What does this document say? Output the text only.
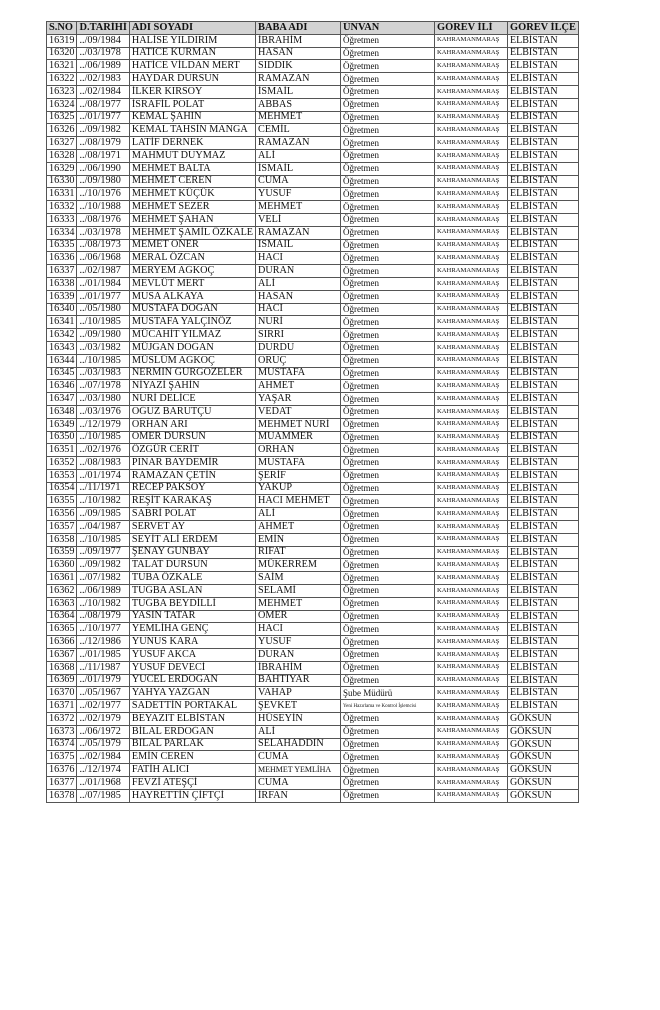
S.NO	D.TARİHİ	ADI SOYADI	BABA ADI	ÜNVAN	GÖREV İLİ	GÖREV İLÇE
16319	../09/1984	HALİSE YILDIRIM	İBRAHİM	Öğretmen	KAHRAMANMARAŞ	ELBİSTAN
16320	../03/1978	HATİCE KURMAN	HASAN	Öğretmen	KAHRAMANMARAŞ	ELBİSTAN
16321	../06/1989	HATİCE VİLDAN MERT	SIDDIK	Öğretmen	KAHRAMANMARAŞ	ELBİSTAN
16322	../02/1983	HAYDAR DURSUN	RAMAZAN	Öğretmen	KAHRAMANMARAŞ	ELBİSTAN
16323	../02/1984	İLKER KIRSOY	İSMAİL	Öğretmen	KAHRAMANMARAŞ	ELBİSTAN
16324	../08/1977	İSRAFİL POLAT	ABBAS	Öğretmen	KAHRAMANMARAŞ	ELBİSTAN
16325	../01/1977	KEMAL ŞAHİN	MEHMET	Öğretmen	KAHRAMANMARAŞ	ELBİSTAN
16326	../09/1982	KEMAL TAHSİN MANGA	CEMİL	Öğretmen	KAHRAMANMARAŞ	ELBİSTAN
16327	../08/1979	LATİF DERNEK	RAMAZAN	Öğretmen	KAHRAMANMARAŞ	ELBİSTAN
16328	../08/1971	MAHMUT DUYMAZ	ALİ	Öğretmen	KAHRAMANMARAŞ	ELBİSTAN
16329	../06/1990	MEHMET BALTA	İSMAİL	Öğretmen	KAHRAMANMARAŞ	ELBİSTAN
16330	../09/1980	MEHMET CEREN	CUMA	Öğretmen	KAHRAMANMARAŞ	ELBİSTAN
16331	../10/1976	MEHMET KÜÇÜK	YUSUF	Öğretmen	KAHRAMANMARAŞ	ELBİSTAN
16332	../10/1988	MEHMET SEZER	MEHMET	Öğretmen	KAHRAMANMARAŞ	ELBİSTAN
16333	../08/1976	MEHMET ŞAHAN	VELİ	Öğretmen	KAHRAMANMARAŞ	ELBİSTAN
16334	../03/1978	MEHMET ŞAMİL ÖZKALE	RAMAZAN	Öğretmen	KAHRAMANMARAŞ	ELBİSTAN
16335	../08/1973	MEMET ÖNER	İSMAİL	Öğretmen	KAHRAMANMARAŞ	ELBİSTAN
16336	../06/1968	MERAL ÖZCAN	HACI	Öğretmen	KAHRAMANMARAŞ	ELBİSTAN
16337	../02/1987	MERYEM AĞKOÇ	DURAN	Öğretmen	KAHRAMANMARAŞ	ELBİSTAN
16338	../01/1984	MEVLÜT MERT	ALİ	Öğretmen	KAHRAMANMARAŞ	ELBİSTAN
16339	../01/1977	MUSA ALKAYA	HASAN	Öğretmen	KAHRAMANMARAŞ	ELBİSTAN
16340	../05/1980	MUSTAFA DOĞAN	HACI	Öğretmen	KAHRAMANMARAŞ	ELBİSTAN
16341	../10/1985	MUSTAFA YALÇINÖZ	NURİ	Öğretmen	KAHRAMANMARAŞ	ELBİSTAN
16342	../09/1980	MÜCAHİT YILMAZ	SIRRI	Öğretmen	KAHRAMANMARAŞ	ELBİSTAN
16343	../03/1982	MÜJGAN DOĞAN	DURDU	Öğretmen	KAHRAMANMARAŞ	ELBİSTAN
16344	../10/1985	MÜSLÜM AĞKOÇ	ORUÇ	Öğretmen	KAHRAMANMARAŞ	ELBİSTAN
16345	../03/1983	NERMİN GÜRGÖZELER	MUSTAFA	Öğretmen	KAHRAMANMARAŞ	ELBİSTAN
16346	../07/1978	NİYAZİ ŞAHİN	AHMET	Öğretmen	KAHRAMANMARAŞ	ELBİSTAN
16347	../03/1980	NURİ DELİCE	YAŞAR	Öğretmen	KAHRAMANMARAŞ	ELBİSTAN
16348	../03/1976	OĞUZ BARUTÇU	VEDAT	Öğretmen	KAHRAMANMARAŞ	ELBİSTAN
16349	../12/1979	ORHAN ARI	MEHMET NURİ	Öğretmen	KAHRAMANMARAŞ	ELBİSTAN
16350	../10/1985	ÖMER DURSUN	MUAMMER	Öğretmen	KAHRAMANMARAŞ	ELBİSTAN
16351	../02/1976	ÖZGÜR CERİT	ORHAN	Öğretmen	KAHRAMANMARAŞ	ELBİSTAN
16352	../08/1983	PINAR BAYDEMİR	MUSTAFA	Öğretmen	KAHRAMANMARAŞ	ELBİSTAN
16353	../01/1974	RAMAZAN ÇETİN	ŞERİF	Öğretmen	KAHRAMANMARAŞ	ELBİSTAN
16354	../11/1971	RECEP PAKSOY	YAKUP	Öğretmen	KAHRAMANMARAŞ	ELBİSTAN
16355	../10/1982	REŞİT KARAKAŞ	HACI MEHMET	Öğretmen	KAHRAMANMARAŞ	ELBİSTAN
16356	../09/1985	SABRİ POLAT	ALİ	Öğretmen	KAHRAMANMARAŞ	ELBİSTAN
16357	../04/1987	SERVET AY	AHMET	Öğretmen	KAHRAMANMARAŞ	ELBİSTAN
16358	../10/1985	SEYİT ALİ ERDEM	EMİN	Öğretmen	KAHRAMANMARAŞ	ELBİSTAN
16359	../09/1977	ŞENAY GÜNBAY	RİFAT	Öğretmen	KAHRAMANMARAŞ	ELBİSTAN
16360	../09/1982	TALAT DURSUN	MÜKERREM	Öğretmen	KAHRAMANMARAŞ	ELBİSTAN
16361	../07/1982	TUBA ÖZKALE	SAİM	Öğretmen	KAHRAMANMARAŞ	ELBİSTAN
16362	../06/1989	TUĞBA ASLAN	SELAMİ	Öğretmen	KAHRAMANMARAŞ	ELBİSTAN
16363	../10/1982	TUĞBA BEYDİLLİ	MEHMET	Öğretmen	KAHRAMANMARAŞ	ELBİSTAN
16364	../08/1979	YASİN TATAR	ÖMER	Öğretmen	KAHRAMANMARAŞ	ELBİSTAN
16365	../10/1977	YEMLİHA GENÇ	HACI	Öğretmen	KAHRAMANMARAŞ	ELBİSTAN
16366	../12/1986	YUNUS KARA	YUSUF	Öğretmen	KAHRAMANMARAŞ	ELBİSTAN
16367	../01/1985	YUSUF AKCA	DURAN	Öğretmen	KAHRAMANMARAŞ	ELBİSTAN
16368	../11/1987	YUSUF DEVECİ	İBRAHİM	Öğretmen	KAHRAMANMARAŞ	ELBİSTAN
16369	../01/1979	YÜCEL ERDOĞAN	BAHTİYAR	Öğretmen	KAHRAMANMARAŞ	ELBİSTAN
16370	../05/1967	YAHYA YAZGAN	VAHAP	Şube Müdürü	KAHRAMANMARAŞ	ELBİSTAN
16371	../02/1977	SADETTİN PORTAKAL	ŞEVKET	Yeni Hazırlama ve Kontrol İşlemcisi	KAHRAMANMARAŞ	ELBİSTAN
16372	../02/1979	BEYAZIT ELBİSTAN	HÜSEYİN	Öğretmen	KAHRAMANMARAŞ	GÖKSUN
16373	../06/1972	BİLAL ERDOĞAN	ALİ	Öğretmen	KAHRAMANMARAŞ	GÖKSUN
16374	../05/1979	BİLAL PARLAK	SELAHADDİN	Öğretmen	KAHRAMANMARAŞ	GÖKSUN
16375	../02/1984	EMİN CEREN	CUMA	Öğretmen	KAHRAMANMARAŞ	GÖKSUN
16376	../12/1974	FATİH ALICI	MEHMET YEMLİHA	Öğretmen	KAHRAMANMARAŞ	GÖKSUN
16377	../01/1968	FEVZİ ATEŞÇİ	CUMA	Öğretmen	KAHRAMANMARAŞ	GÖKSUN
16378	../07/1985	HAYRETTİN ÇİFTÇİ	İRFAN	Öğretmen	KAHRAMANMARAŞ	GÖKSUN
